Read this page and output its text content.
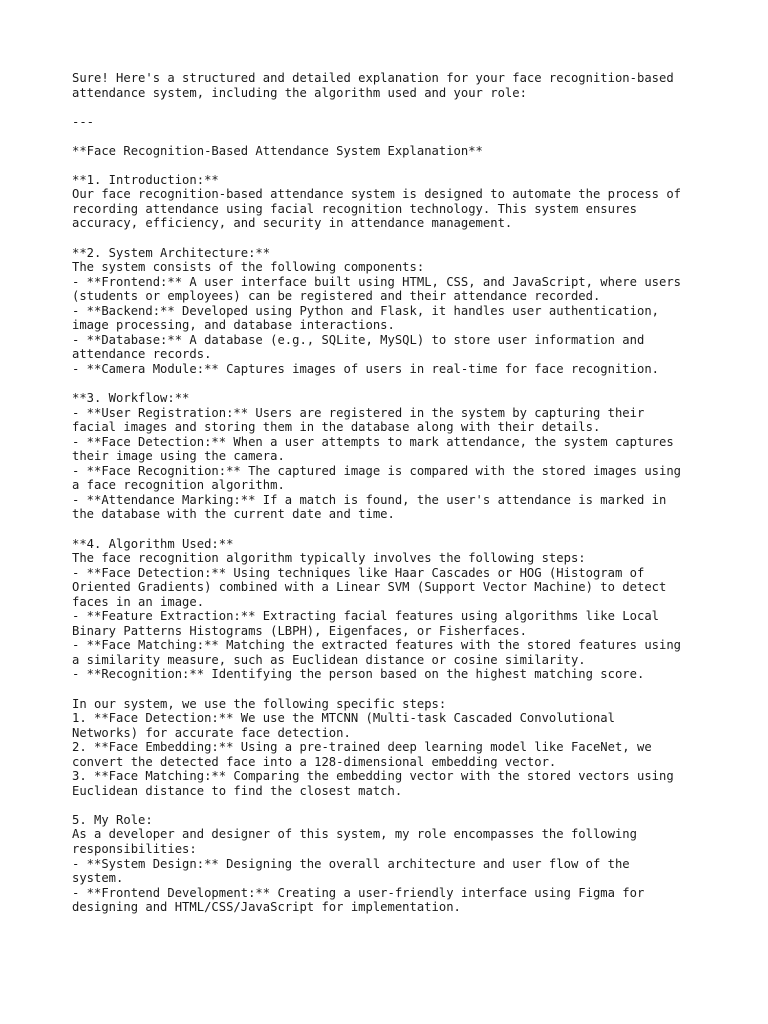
Sure! Here's a structured and detailed explanation for your face recognition-based
attendance system, including the algorithm used and your role:
---
**Face Recognition-Based Attendance System Explanation**
**1. Introduction:**
Our face recognition-based attendance system is designed to automate the process of
recording attendance using facial recognition technology. This system ensures
accuracy, efficiency, and security in attendance management.
**2. System Architecture:**
The system consists of the following components:
- **Frontend:** A user interface built using HTML, CSS, and JavaScript, where users
(students or employees) can be registered and their attendance recorded.
- **Backend:** Developed using Python and Flask, it handles user authentication,
image processing, and database interactions.
- **Database:** A database (e.g., SQLite, MySQL) to store user information and
attendance records.
- **Camera Module:** Captures images of users in real-time for face recognition.
**3. Workflow:**
- **User Registration:** Users are registered in the system by capturing their
facial images and storing them in the database along with their details.
- **Face Detection:** When a user attempts to mark attendance, the system captures
their image using the camera.
- **Face Recognition:** The captured image is compared with the stored images using
a face recognition algorithm.
- **Attendance Marking:** If a match is found, the user's attendance is marked in
the database with the current date and time.
**4. Algorithm Used:**
The face recognition algorithm typically involves the following steps:
- **Face Detection:** Using techniques like Haar Cascades or HOG (Histogram of
Oriented Gradients) combined with a Linear SVM (Support Vector Machine) to detect
faces in an image.
- **Feature Extraction:** Extracting facial features using algorithms like Local
Binary Patterns Histograms (LBPH), Eigenfaces, or Fisherfaces.
- **Face Matching:** Matching the extracted features with the stored features using
a similarity measure, such as Euclidean distance or cosine similarity.
- **Recognition:** Identifying the person based on the highest matching score.
In our system, we use the following specific steps:
1. **Face Detection:** We use the MTCNN (Multi-task Cascaded Convolutional
Networks) for accurate face detection.
2. **Face Embedding:** Using a pre-trained deep learning model like FaceNet, we
convert the detected face into a 128-dimensional embedding vector.
3. **Face Matching:** Comparing the embedding vector with the stored vectors using
Euclidean distance to find the closest match.
5. My Role:
As a developer and designer of this system, my role encompasses the following
responsibilities:
- **System Design:** Designing the overall architecture and user flow of the
system.
- **Frontend Development:** Creating a user-friendly interface using Figma for
designing and HTML/CSS/JavaScript for implementation.
